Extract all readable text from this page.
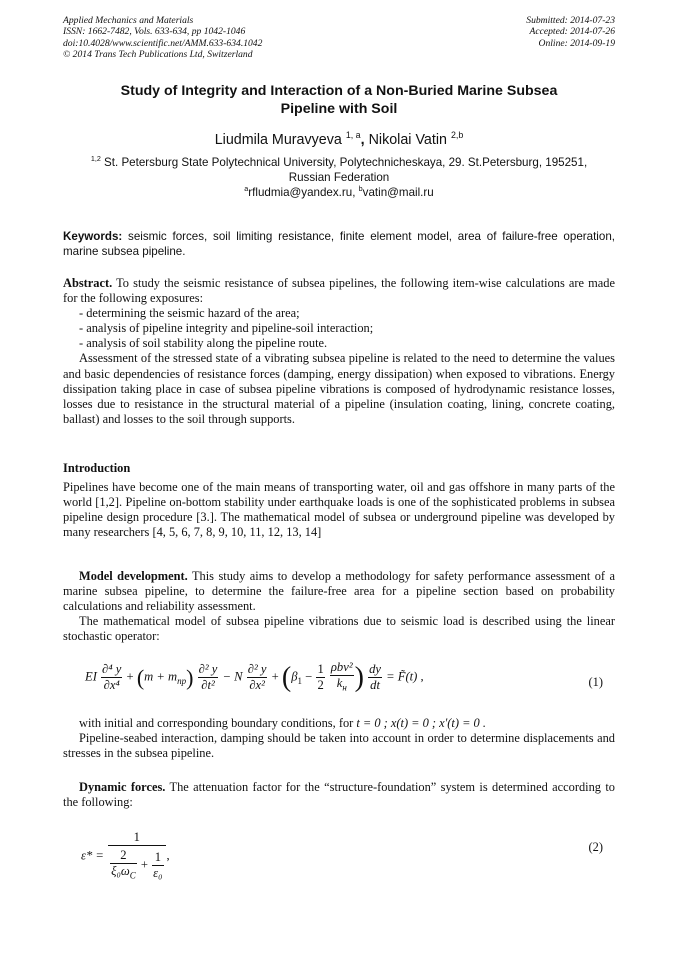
Applied Mechanics and Materials
ISSN: 1662-7482, Vols. 633-634, pp 1042-1046
doi:10.4028/www.scientific.net/AMM.633-634.1042
© 2014 Trans Tech Publications Ltd, Switzerland
Submitted: 2014-07-23
Accepted: 2014-07-26
Online: 2014-09-19
Study of Integrity and Interaction of a Non-Buried Marine Subsea
Pipeline with Soil
Liudmila Muravyeva $^{1, a}$, Nikolai Vatin $^{2,b}$
$^{1,2}$ St. Petersburg State Polytechnical University, Polytechnicheskaya, 29. St.Petersburg, 195251,
Russian Federation
$^a$rfludmia@yandex.ru, $^b$vatin@mail.ru
Keywords: seismic forces, soil limiting resistance, finite element model, area of failure-free operation, marine subsea pipeline.

Abstract. To study the seismic resistance of subsea pipelines, the following item-wise calculations are made for the following exposures:

- determining the seismic hazard of the area;

- analysis of pipeline integrity and pipeline-soil interaction;

- analysis of soil stability along the pipeline route.

Assessment of the stressed state of a vibrating subsea pipeline is related to the need to determine the values and basic dependencies of resistance forces (damping, energy dissipation) when exposed to vibrations. Energy dissipation taking place in case of subsea pipeline vibrations is composed of hydrodynamic resistance losses, losses due to resistance in the structural material of a pipeline (insulation coating, lining, concrete coating, ballast) and losses to the soil through supports.

Introduction

Pipelines have become one of the main means of transporting water, oil and gas offshore in many parts of the world [1,2]. Pipeline on-bottom stability under earthquake loads is one of the sophisticated problems in subsea pipeline design procedure [3.]. The mathematical model of subsea or underground pipeline was developed by many researchers [4, 5, 6, 7, 8, 9, 10, 11, 12, 13, 14]

Model development. This study aims to develop a methodology for safety performance assessment of a marine subsea pipeline, to determine the failure-free area for a pipeline section based on probability calculations and reliability assessment.

The mathematical model of subsea pipeline vibrations due to seismic load is described using the linear stochastic operator:

EI $\frac{\text{∂⁴ y}}{\text{∂x⁴}} + (m + m_{пр}) \frac{\text{∂² y}}{\text{∂t²}} - N \frac{\text{∂² y}}{\text{∂x²}} + (\beta_1 - \frac{1}{2}$
$\frac{\text{ρbv²}}{k_н}$ ) $\frac{dy}{dt}$ = F̃(t) ,	(1)

with initial and corresponding boundary conditions, for t = 0 ; x(t) = 0 ; x'(t) = 0 .

Pipeline-seabed interaction, damping should be taken into account in order to determine displacements and stresses in the subsea pipeline.

Dynamic forces. The attenuation factor for the “structure-foundation” system is determined according to the following:

$\varepsilon* = \frac{1}{\frac{2}{\xi_0\omega_C} + \frac{1}{\text{ε₀}}}$ ,
(2)
